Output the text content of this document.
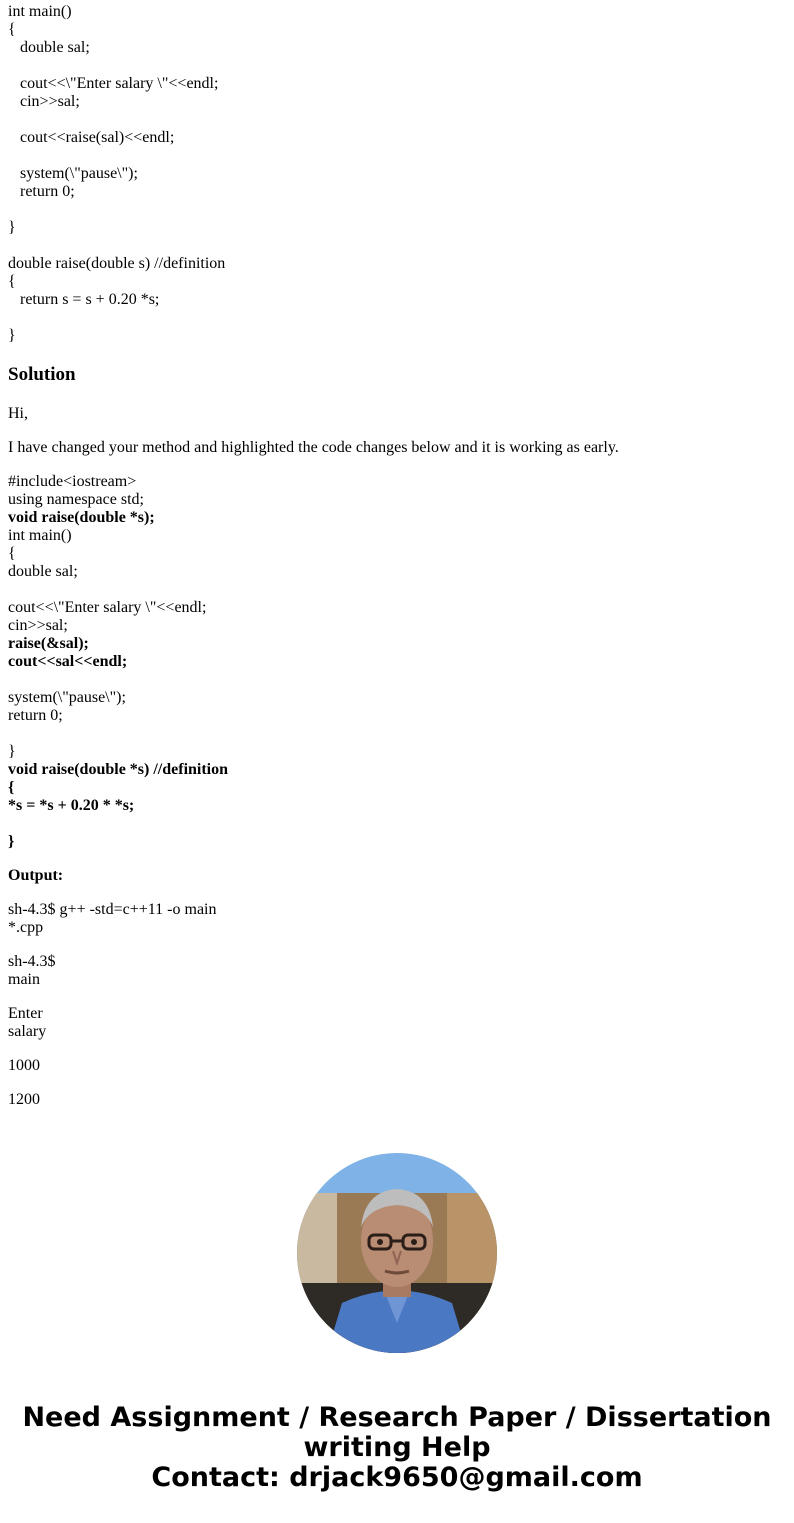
int main()
{
double sal;
cout<<\"Enter salary \"<<endl;
cin>>sal;
cout<<raise(sal)<<endl;
system(\"pause\");
return 0;
}
double raise(double s) //definition
{
return s = s + 0.20 *s;
}
Solution

Hi,

I have changed your method and highlighted the code changes below and it is working as early.

#include<iostream>
using namespace std;
void raise(double *s);
int main()
{
double sal;
cout<<\"Enter salary \"<<endl;
cin>>sal;
raise(&sal);
cout<<sal<<endl;
system(\"pause\");
return 0;
}
void raise(double *s) //definition
{
*s = *s + 0.20 * *s;
}
Output:
sh-4.3$ g++ -std=c++11 -o main
*.cpp
sh-4.3$
main
Enter
salary
1000
1200
Need Assignment / Research Paper / Dissertation
writing Help
Contact: drjack9650@gmail.com
